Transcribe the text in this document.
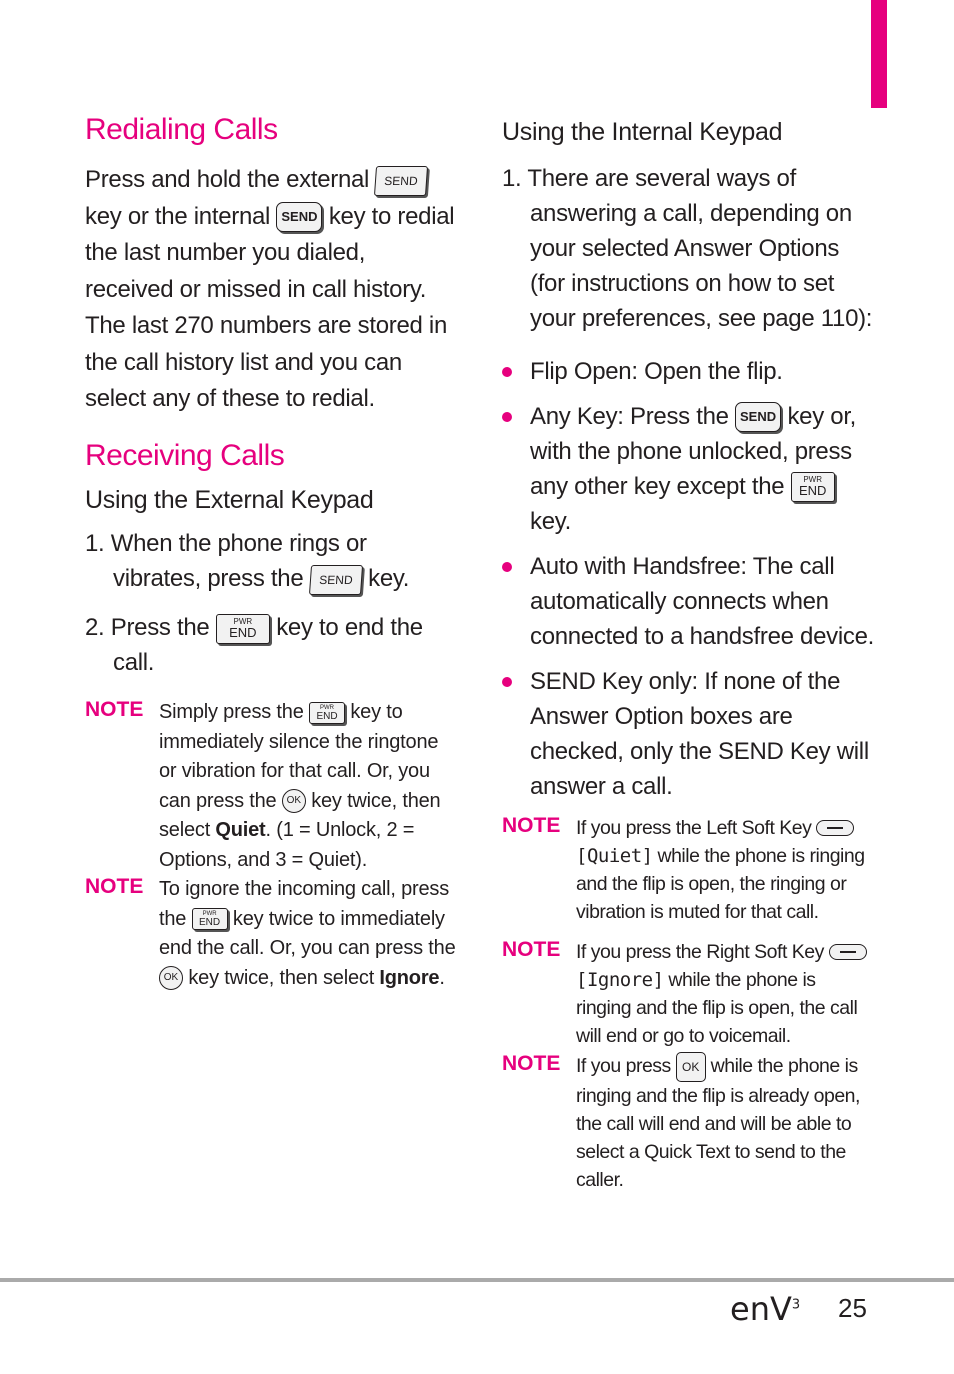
Redialing Calls

Press and hold the external SEND key or the internal SEND key to redial the last number you dialed, received or missed in call history. The last 270 numbers are stored in the call history list and you can select any of these to redial.

Receiving Calls
Using the External Keypad
1. When the phone rings or vibrates, press the SEND key.
2. Press the	PWR
END key to end the call.
NOTE Simply press the	PWR
END key to immediately silence the ringtone or vibration for that call. Or, you can press the OK key twice, then select Quiet. (1 = Unlock, 2 = Options, and 3 = Quiet).
NOTE To ignore the incoming call, press the	PWR
END key twice to immediately end the call. Or, you can press the OK key twice, then select Ignore.
Using the Internal Keypad
1. There are several ways of answering a call, depending on your selected Answer Options (for instructions on how to set your preferences, see page 110):
Flip Open: Open the flip.
Any Key: Press the SEND key or, with the phone unlocked, press any other key except the	PWR
END key.
Auto with Handsfree: The call automatically connects when connected to a handsfree device.
SEND Key only: If none of the Answer Option boxes are checked, only the SEND Key will answer a call.
NOTE If you press the Left Soft Key  [Quiet] while the phone is ringing and the flip is open, the ringing or vibration is muted for that call.
NOTE If you press the Right Soft Key  [Ignore] while the phone is ringing and the flip is open, the call will end or go to voicemail.
NOTE If you press OK while the phone is ringing and the flip is already open, the call will end and will be able to select a Quick Text to send to the caller.
enV$^3$ 25
